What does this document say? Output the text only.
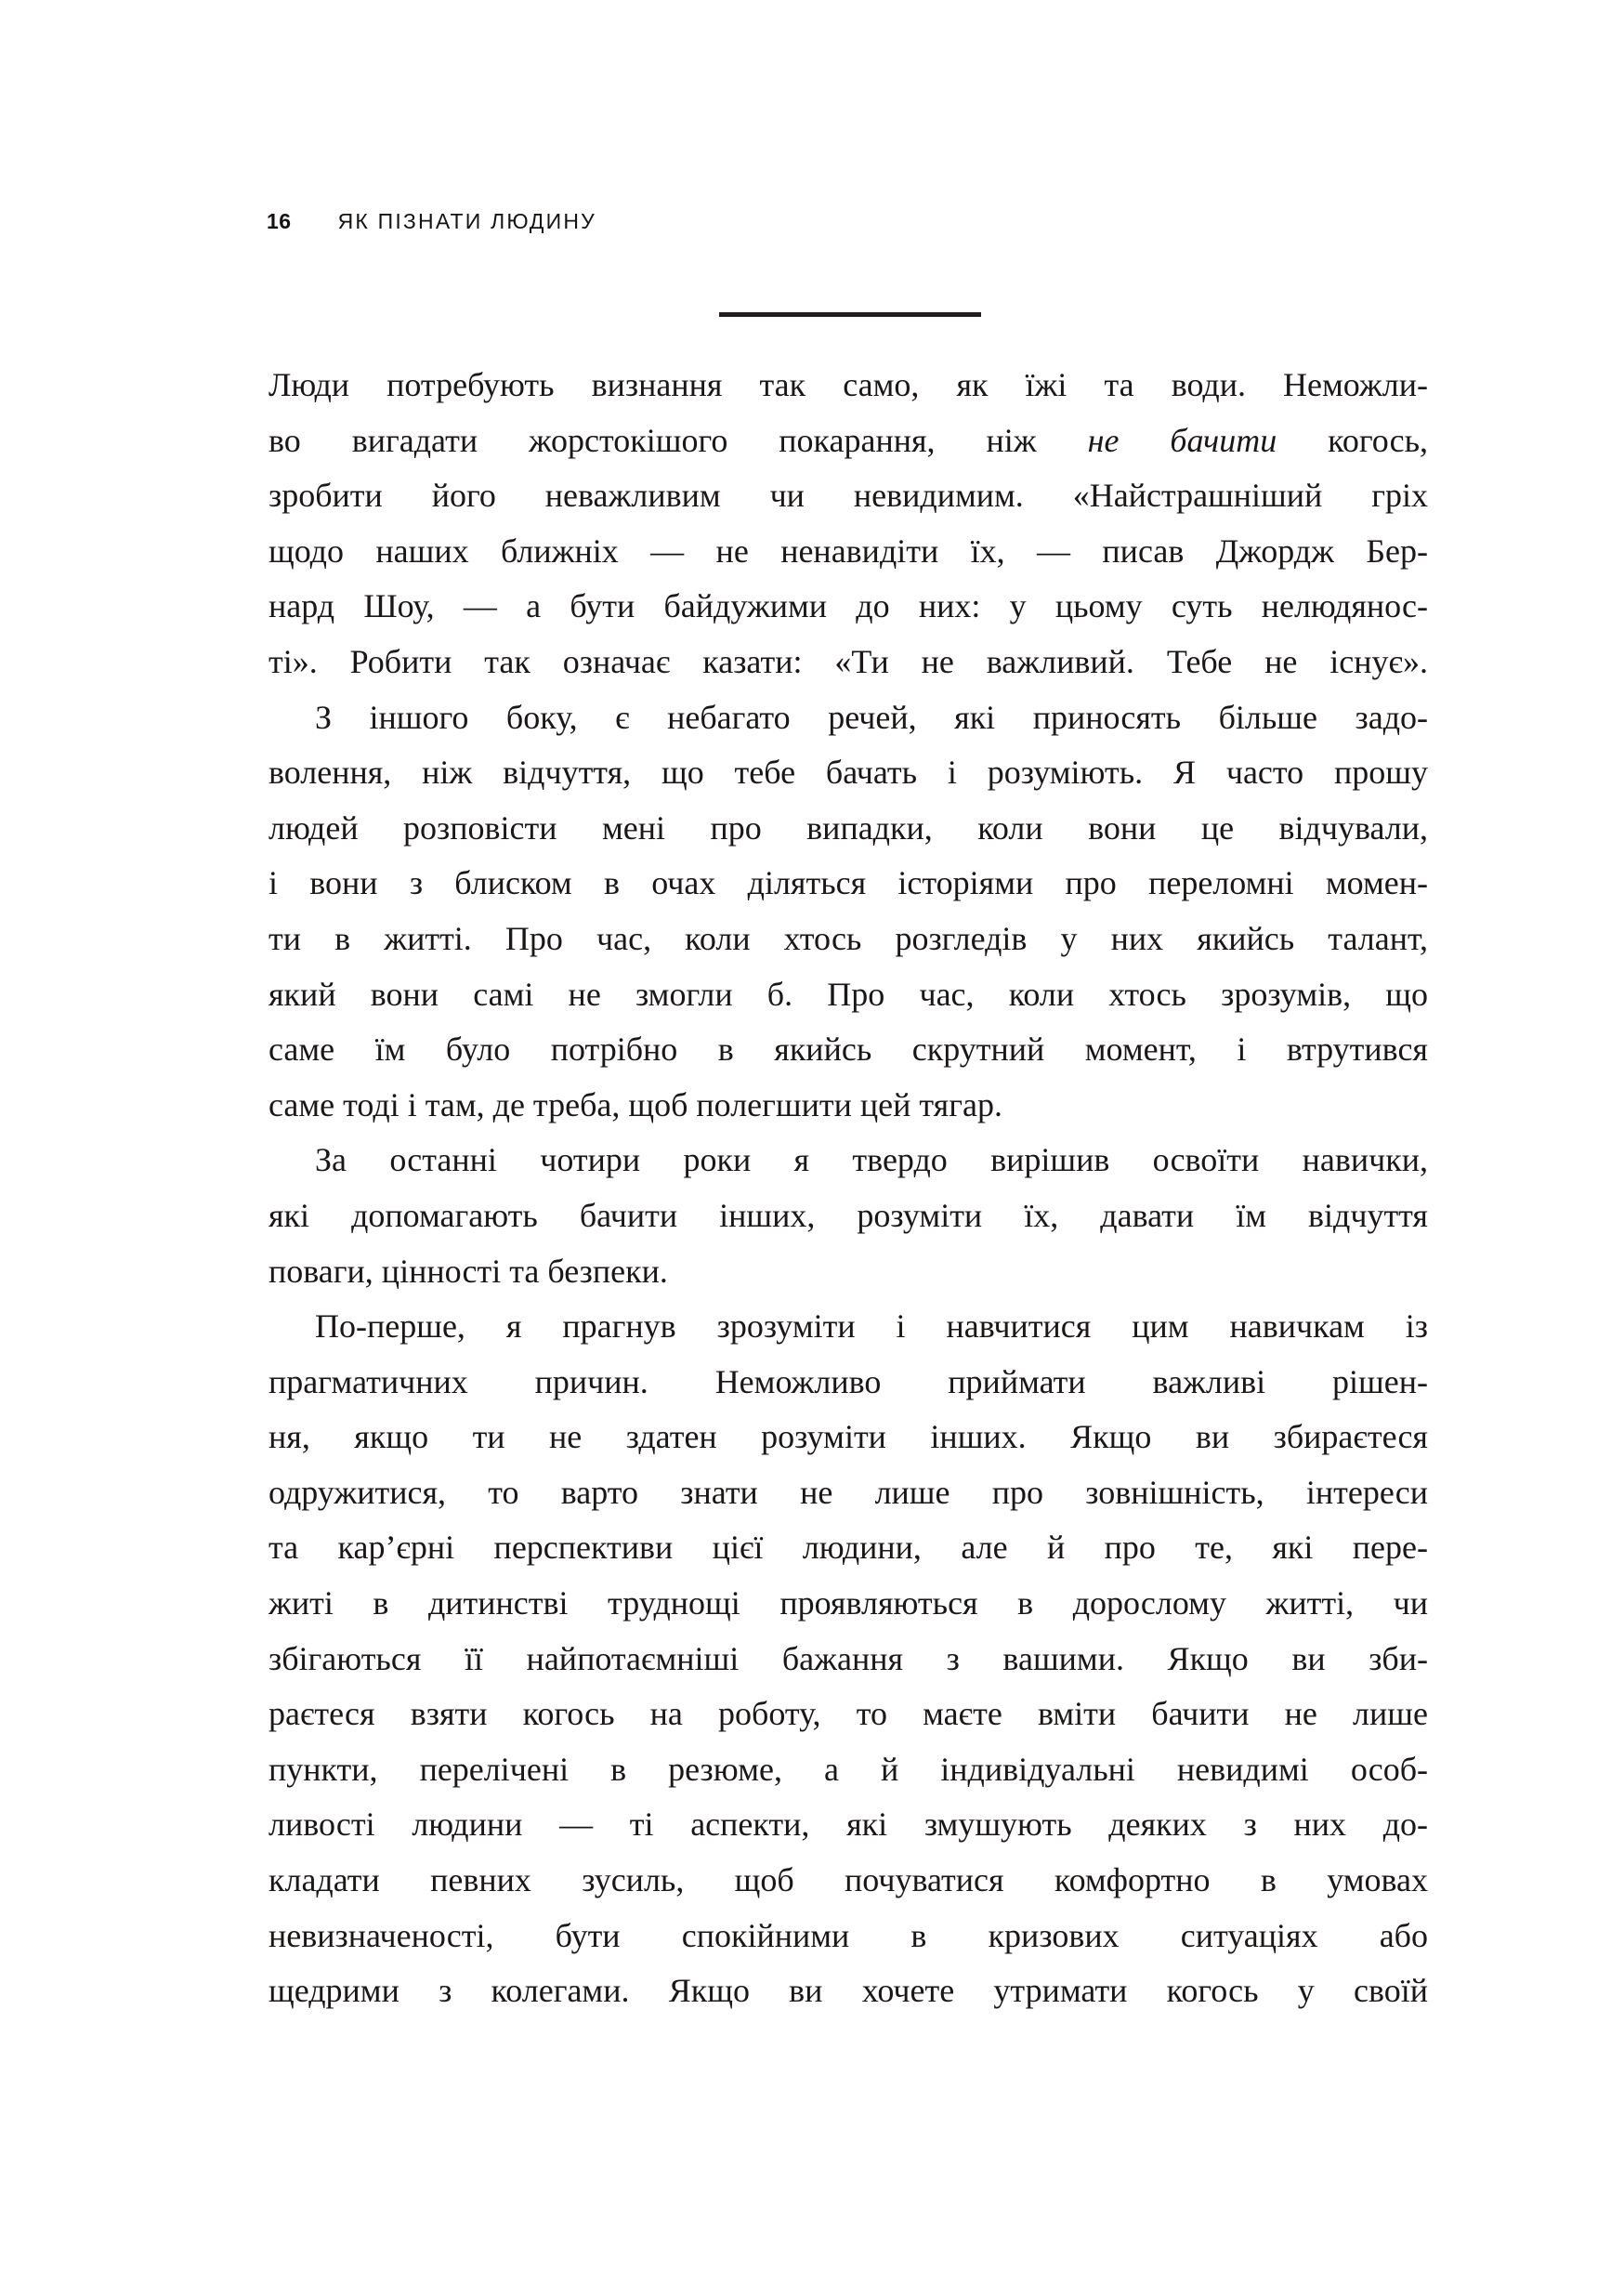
16 ЯК ПІЗНАТИ ЛЮДИНУ
Люди потребують визнання так само, як їжі та води. Неможли-
во вигадати жорстокішого покарання, ніж не бачити когось,
зробити його неважливим чи невидимим. «Найстрашніший гріх
щодо наших ближніх — не ненавидіти їх, — писав Джордж Бер-
нард Шоу, — а бути байдужими до них: у цьому суть нелюдянос-
ті». Робити так означає казати: «Ти не важливий. Тебе не існує».
З іншого боку, є небагато речей, які приносять більше задо-
волення, ніж відчуття, що тебе бачать і розуміють. Я часто прошу
людей розповісти мені про випадки, коли вони це відчували,
і вони з блиском в очах діляться історіями про переломні момен-
ти в житті. Про час, коли хтось розгледів у них якийсь талант,
який вони самі не змогли б. Про час, коли хтось зрозумів, що
саме їм було потрібно в якийсь скрутний момент, і втрутився
саме тоді і там, де треба, щоб полегшити цей тягар.
За останні чотири роки я твердо вирішив освоїти навички,
які допомагають бачити інших, розуміти їх, давати їм відчуття
поваги, цінності та безпеки.
По-перше, я прагнув зрозуміти і навчитися цим навичкам із
прагматичних причин. Неможливо приймати важливі рішен-
ня, якщо ти не здатен розуміти інших. Якщо ви збираєтеся
одружитися, то варто знати не лише про зовнішність, інтереси
та кар’єрні перспективи цієї людини, але й про те, які пере-
житі в дитинстві труднощі проявляються в дорослому житті, чи
збігаються її найпотаємніші бажання з вашими. Якщо ви зби-
раєтеся взяти когось на роботу, то маєте вміти бачити не лише
пункти, перелічені в резюме, а й індивідуальні невидимі особ-
ливості людини — ті аспекти, які змушують деяких з них до-
кладати певних зусиль, щоб почуватися комфортно в умовах
невизначеності, бути спокійними в кризових ситуаціях або
щедрими з колегами. Якщо ви хочете утримати когось у своїй
